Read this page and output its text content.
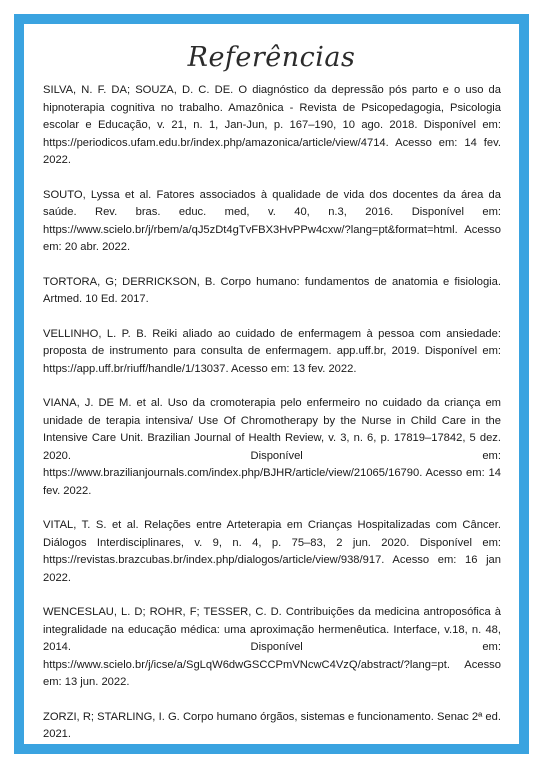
Referências

SILVA, N. F. DA; SOUZA, D. C. DE. O diagnóstico da depressão pós parto e o uso da hipnoterapia cognitiva no trabalho. Amazônica - Revista de Psicopedagogia, Psicologia escolar e Educação, v. 21, n. 1, Jan-Jun, p. 167–190, 10 ago. 2018. Disponível em: https://periodicos.ufam.edu.br/index.php/amazonica/article/view/4714. Acesso em: 14 fev. 2022.

SOUTO, Lyssa et al. Fatores associados à qualidade de vida dos docentes da área da saúde. Rev. bras. educ. med, v. 40, n.3, 2016. Disponível em: https://www.scielo.br/j/rbem/a/qJ5zDt4gTvFBX3HvPPw4cxw/?lang=pt&format=html. Acesso em: 20 abr. 2022.

TORTORA, G; DERRICKSON, B. Corpo humano: fundamentos de anatomia e fisiologia. Artmed. 10 Ed. 2017.

VELLINHO, L. P. B. Reiki aliado ao cuidado de enfermagem à pessoa com ansiedade: proposta de instrumento para consulta de enfermagem. app.uff.br, 2019. Disponível em: https://app.uff.br/riuff/handle/1/13037. Acesso em: 13 fev. 2022.

VIANA, J. DE M. et al. Uso da cromoterapia pelo enfermeiro no cuidado da criança em unidade de terapia intensiva/ Use Of Chromotherapy by the Nurse in Child Care in the Intensive Care Unit. Brazilian Journal of Health Review, v. 3, n. 6, p. 17819–17842, 5 dez. 2020. Disponível em: https://www.brazilianjournals.com/index.php/BJHR/article/view/21065/16790. Acesso em: 14 fev. 2022.

VITAL, T. S. et al. Relações entre Arteterapia em Crianças Hospitalizadas com Câncer. Diálogos Interdisciplinares, v. 9, n. 4, p. 75–83, 2 jun. 2020. Disponível em: https://revistas.brazcubas.br/index.php/dialogos/article/view/938/917. Acesso em: 16 jan 2022.

WENCESLAU, L. D; ROHR, F; TESSER, C. D. Contribuições da medicina antroposófica à integralidade na educação médica: uma aproximação hermenêutica. Interface, v.18, n. 48, 2014. Disponível em: https://www.scielo.br/j/icse/a/SgLqW6dwGSCCPmVNcwC4VzQ/abstract/?lang=pt. Acesso em: 13 jun. 2022.

ZORZI, R; STARLING, I. G. Corpo humano órgãos, sistemas e funcionamento. Senac 2ª ed. 2021.
